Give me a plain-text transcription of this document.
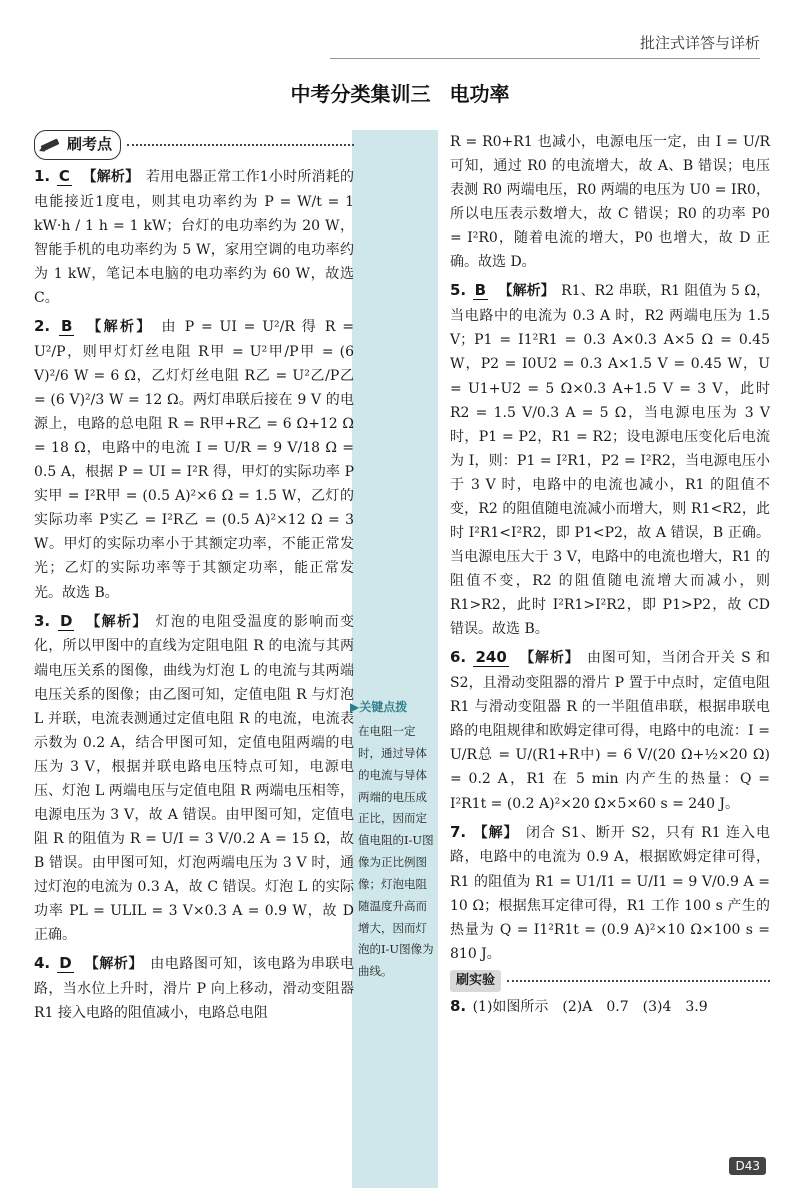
批注式详答与详析
中考分类集训三 电功率
▶关键点拨
在电阻一定时，通过导体的电流与导体两端的电压成正比，因而定值电阻的I-U图像为正比例图像；灯泡电阻随温度升高而增大，因而灯泡的I-U图像为曲线。
刷考点

1. C 【解析】 若用电器正常工作1小时所消耗的电能接近1度电，则其电功率约为 P = W/t = 1 kW·h / 1 h = 1 kW；台灯的电功率约为 20 W，智能手机的电功率约为 5 W，家用空调的电功率约为 1 kW，笔记本电脑的电功率约为 60 W，故选 C。

2. B 【解析】 由 P = UI = U²/R 得 R = U²/P，则甲灯灯丝电阻 R甲 = U²甲/P甲 = (6 V)²/6 W = 6 Ω，乙灯灯丝电阻 R乙 = U²乙/P乙 = (6 V)²/3 W = 12 Ω。两灯串联后接在 9 V 的电源上，电路的总电阻 R = R甲+R乙 = 6 Ω+12 Ω = 18 Ω，电路中的电流 I = U/R = 9 V/18 Ω = 0.5 A，根据 P = UI = I²R 得，甲灯的实际功率 P实甲 = I²R甲 = (0.5 A)²×6 Ω = 1.5 W，乙灯的实际功率 P实乙 = I²R乙 = (0.5 A)²×12 Ω = 3 W。甲灯的实际功率小于其额定功率，不能正常发光；乙灯的实际功率等于其额定功率，能正常发光。故选 B。

3. D 【解析】 灯泡的电阻受温度的影响而变化，所以甲图中的直线为定阻电阻 R 的电流与其两端电压关系的图像，曲线为灯泡 L 的电流与其两端电压关系的图像；由乙图可知，定值电阻 R 与灯泡 L 并联，电流表测通过定值电阻 R 的电流，电流表示数为 0.2 A，结合甲图可知，定值电阻两端的电压为 3 V，根据并联电路电压特点可知，电源电压、灯泡 L 两端电压与定值电阻 R 两端电压相等，电源电压为 3 V，故 A 错误。由甲图可知，定值电阻 R 的阻值为 R = U/I = 3 V/0.2 A = 15 Ω，故 B 错误。由甲图可知，灯泡两端电压为 3 V 时，通过灯泡的电流为 0.3 A，故 C 错误。灯泡 L 的实际功率 PL = ULIL = 3 V×0.3 A = 0.9 W，故 D 正确。

4. D 【解析】 由电路图可知，该电路为串联电路，当水位上升时，滑片 P 向上移动，滑动变阻器 R1 接入电路的阻值减小，电路总电阻

R = R0+R1 也减小，电源电压一定，由 I = U/R 可知，通过 R0 的电流增大，故 A、B 错误；电压表测 R0 两端电压，R0 两端的电压为 U0 = IR0，所以电压表示数增大，故 C 错误；R0 的功率 P0 = I²R0，随着电流的增大，P0 也增大，故 D 正确。故选 D。

5. B 【解析】 R1、R2 串联，R1 阻值为 5 Ω，当电路中的电流为 0.3 A 时，R2 两端电压为 1.5 V；P1 = I1²R1 = 0.3 A×0.3 A×5 Ω = 0.45 W，P2 = I0U2 = 0.3 A×1.5 V = 0.45 W，U = U1+U2 = 5 Ω×0.3 A+1.5 V = 3 V，此时 R2 = 1.5 V/0.3 A = 5 Ω，当电源电压为 3 V 时，P1 = P2，R1 = R2；设电源电压变化后电流为 I，则：P1 = I²R1，P2 = I²R2，当电源电压小于 3 V 时，电路中的电流也减小，R1 的阻值不变，R2 的阻值随电流减小而增大，则 R1<R2，此时 I²R1<I²R2，即 P1<P2，故 A 错误，B 正确。当电源电压大于 3 V，电路中的电流也增大，R1 的阻值不变，R2 的阻值随电流增大而减小，则 R1>R2，此时 I²R1>I²R2，即 P1>P2，故 CD 错误。故选 B。

6. 240 【解析】 由图可知，当闭合开关 S 和 S2，且滑动变阻器的滑片 P 置于中点时，定值电阻 R1 与滑动变阻器 R 的一半阻值串联，根据串联电路的电阻规律和欧姆定律可得，电路中的电流：I = U/R总 = U/(R1+R中) = 6 V/(20 Ω+½×20 Ω) = 0.2 A，R1 在 5 min 内产生的热量：Q = I²R1t = (0.2 A)²×20 Ω×5×60 s = 240 J。

7. 【解】 闭合 S1、断开 S2，只有 R1 连入电路，电路中的电流为 0.9 A，根据欧姆定律可得，R1 的阻值为 R1 = U1/I1 = U/I1 = 9 V/0.9 A = 10 Ω；根据焦耳定律可得，R1 工作 100 s 产生的热量为 Q = I1²R1t = (0.9 A)²×10 Ω×100 s = 810 J。

刷实验

8. (1)如图所示　(2)A　0.7　(3)4　3.9

D43
